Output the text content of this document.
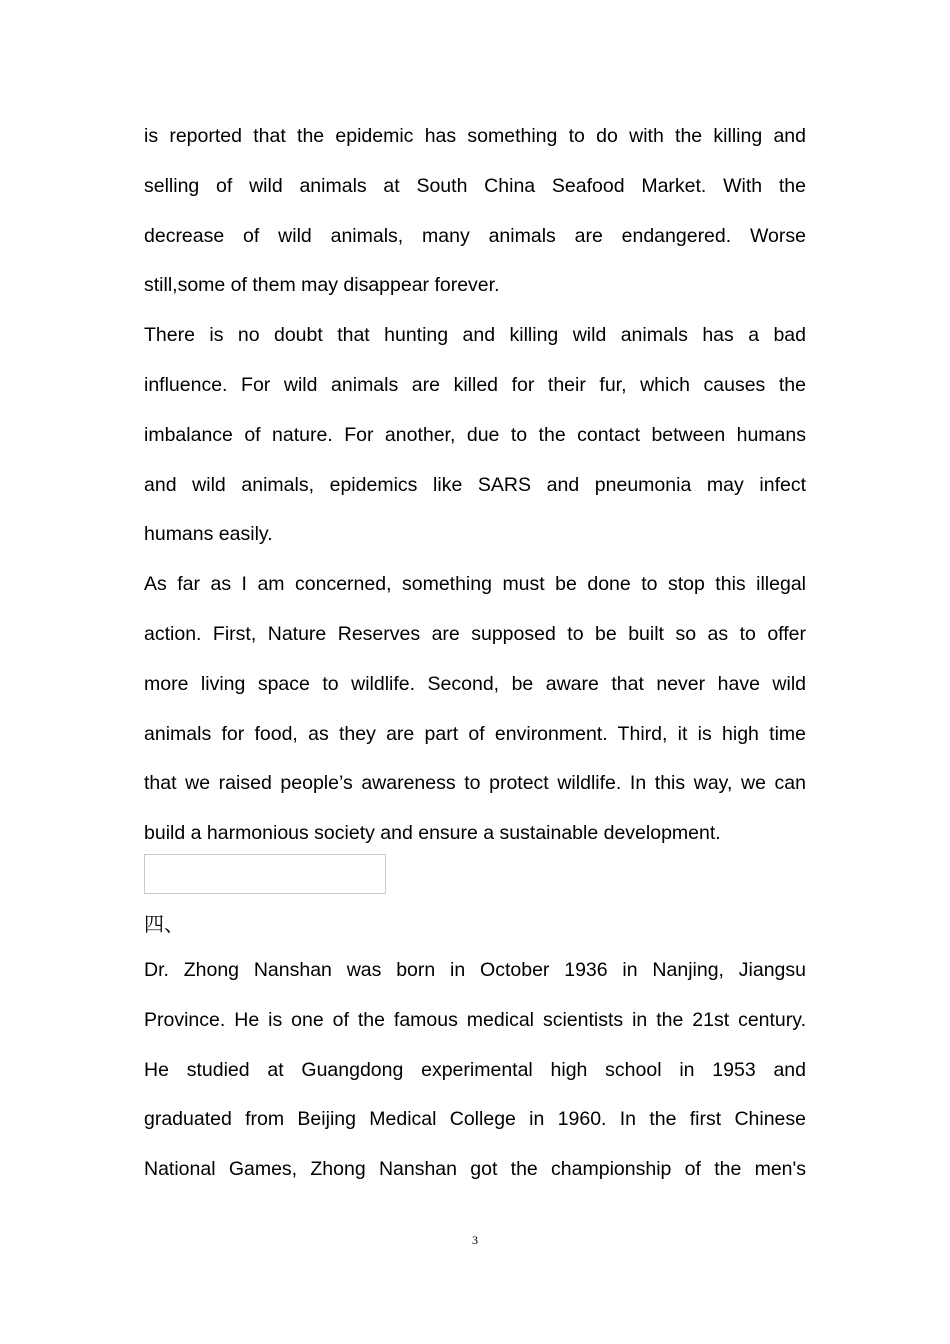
is reported that the epidemic has something to do with the killing and
selling of wild animals at South China Seafood Market. With the
decrease of wild animals, many animals are endangered. Worse
still,some of them may disappear forever.
There is no doubt that hunting and killing wild animals has a bad
influence. For wild animals are killed for their fur, which causes the
imbalance of nature. For another, due to the contact between humans
and wild animals, epidemics like SARS and pneumonia may infect
humans easily.
As far as I am concerned, something must be done to stop this illegal
action. First, Nature Reserves are supposed to be built so as to offer
more living space to wildlife. Second, be aware that never have wild
animals for food, as they are part of environment. Third, it is high time
that we raised people’s awareness to protect wildlife. In this way, we can
build a harmonious society and ensure a sustainable development.
四、
Dr. Zhong Nanshan was born in October 1936 in Nanjing, Jiangsu
Province. He is one of the famous medical scientists in the 21st century.
He studied at Guangdong experimental high school in 1953 and
graduated from Beijing Medical College in 1960. In the first Chinese
National Games, Zhong Nanshan got the championship of the men's
3
